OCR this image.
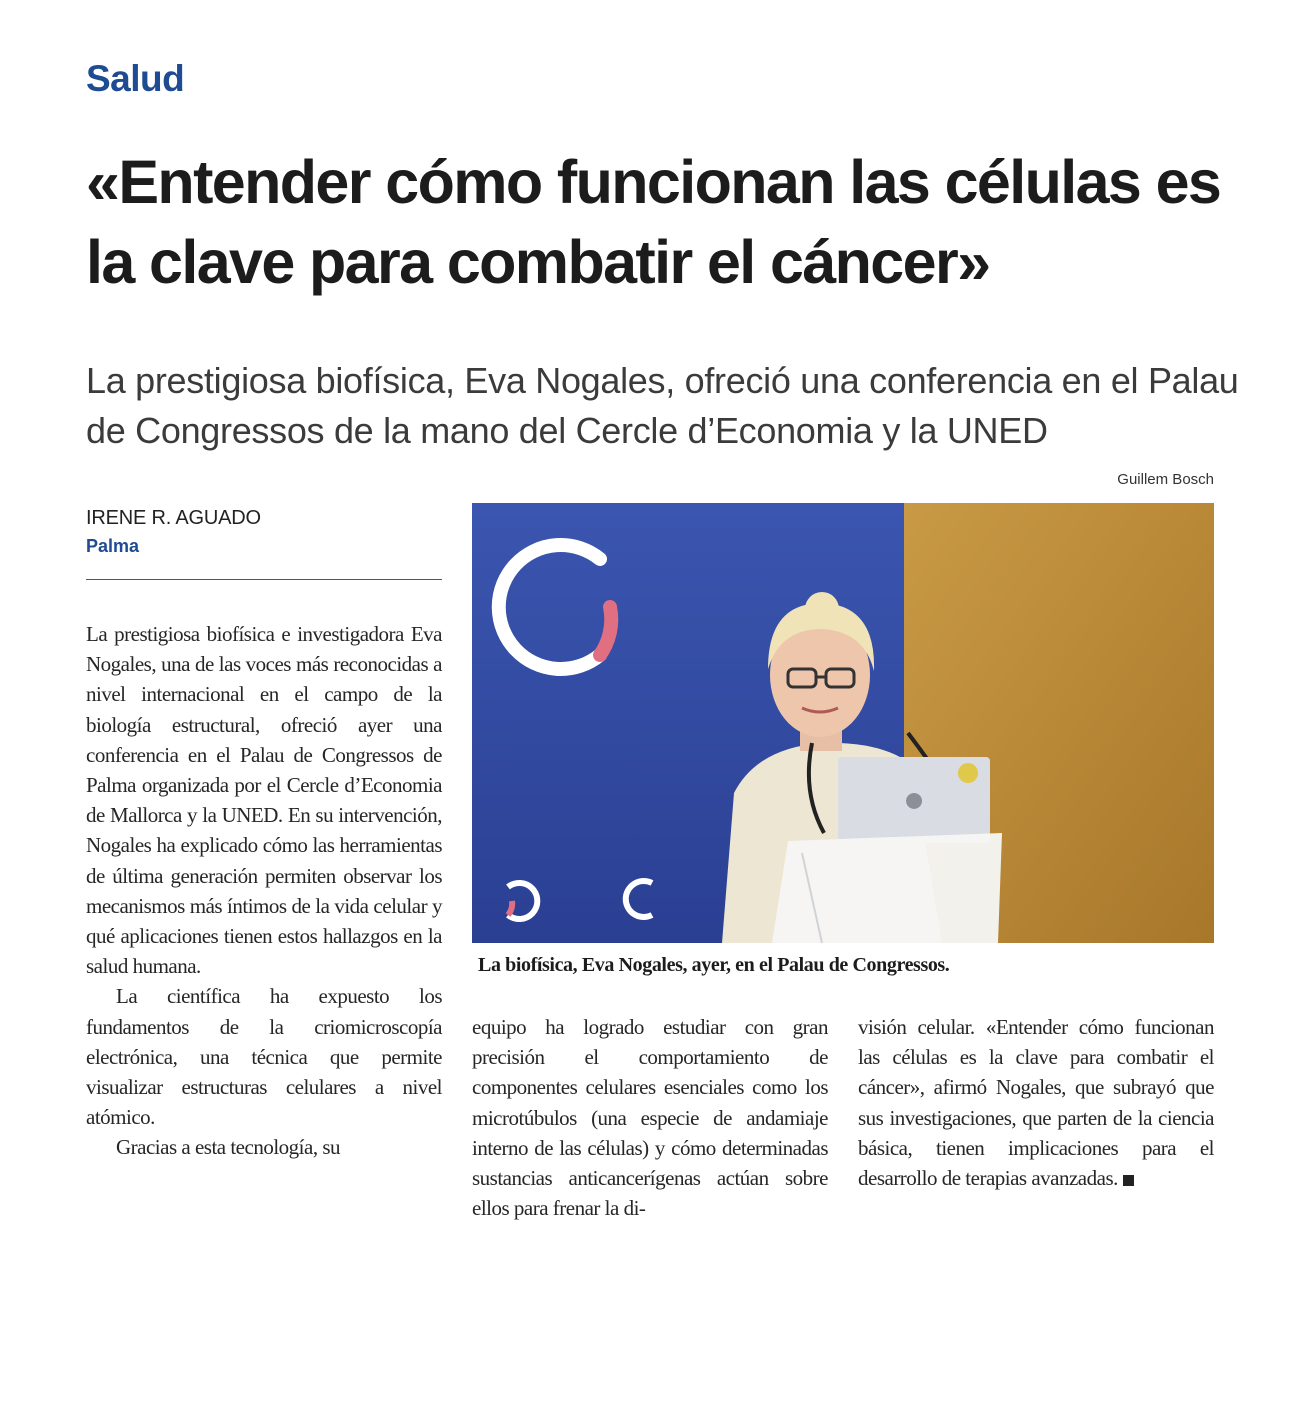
Salud
«Entender cómo funcionan las células es la clave para combatir el cáncer»

La prestigiosa biofísica, Eva Nogales, ofreció una conferencia en el Palau de Congressos de la mano del Cercle d’Economia y la UNED

Guillem Bosch
IRENE R. AGUADO
Palma

La prestigiosa biofísica e investigadora Eva Nogales, una de las voces más reconocidas a nivel internacional en el campo de la biología estructural, ofreció ayer una conferencia en el Palau de Congressos de Palma organizada por el Cercle d’Economia de Mallorca y la UNED. En su intervención, Nogales ha explicado cómo las herramientas de última generación permiten observar los mecanismos más íntimos de la vida celular y qué aplicaciones tienen estos hallazgos en la salud humana.

La científica ha expuesto los fundamentos de la criomicroscopía electrónica, una técnica que permite visualizar estructuras celulares a nivel atómico.

Gracias a esta tecnología, su

Cercle
d’Economia
de Mallorca
el Cercle
les Conferencies del Cercle
els Premis del Cercle
La biofísica, Eva Nogales, ayer, en el Palau de Congressos.

equipo ha logrado estudiar con gran precisión el comportamiento de componentes celulares esenciales como los microtúbulos (una especie de andamiaje interno de las células) y cómo determinadas sustancias anticancerígenas actúan sobre ellos para frenar la di-

visión celular. «Entender cómo funcionan las células es la clave para combatir el cáncer», afirmó Nogales, que subrayó que sus investigaciones, que parten de la ciencia básica, tienen implicaciones para el desarrollo de terapias avanzadas.
